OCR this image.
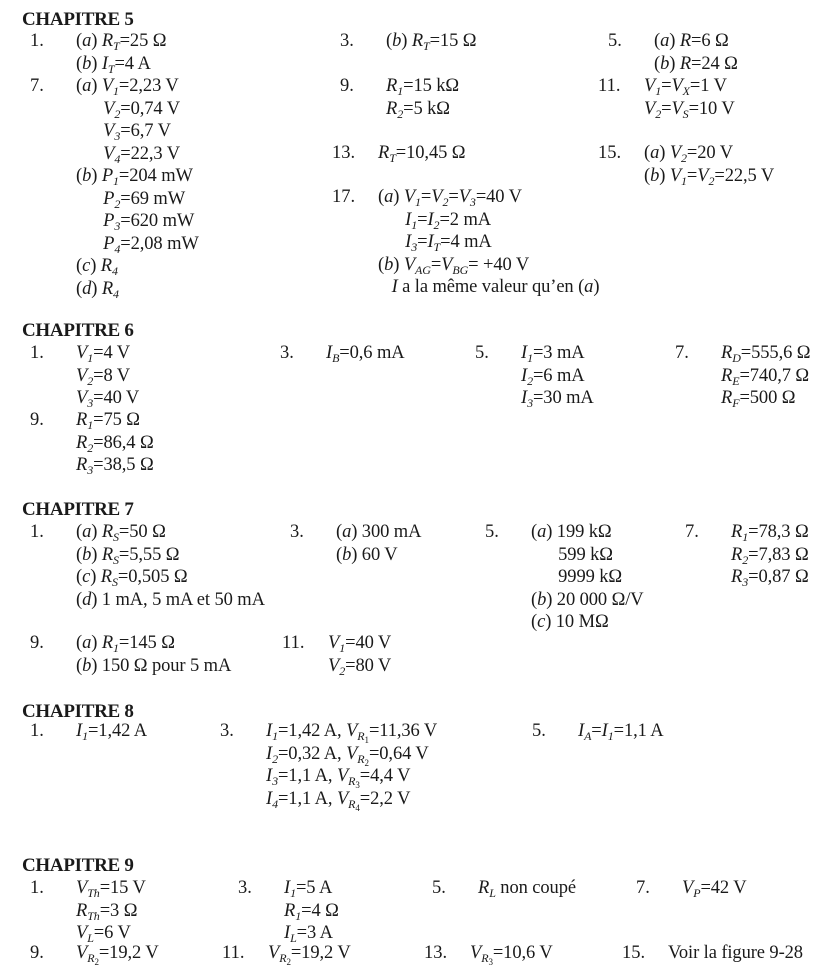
CHAPITRE 5
1. (a) $R_T=25$ Ω
(b) $I_T=4$ A
3. (b) $R_T=15$ Ω	5. (a) R=6 Ω
(b) R=24 Ω
7. (a) $V_1=2,23$ V
$V_2=0,74$ V
$V_3=6,7$ V
$V_4=22,3$ V
(b) $P_1=204$ mW
$P_2=69$ mW
$P_3=620$ mW
$P_4=2,08$ mW
(c) $R_4$
(d) $R_4$
9. $R_1=15$ kΩ
$R_2=5$ kΩ
11. $V_1=V_X=1$ V
$V_2=V_S=10$ V
13. $R_T=10,45$ Ω	15. (a) $V_2=20$ V
(b) $V_1=V_2=22,5$ V
17. (a) $V_1=V_2=V_3=40$ V
$I_1=I_2=2$ mA
$I_3=I_T=4$ mA
(b) $V_{AG}=V_{BG}= +40$ V
I a la même valeur qu’en (a)
CHAPITRE 6
1. $V_1=4$ V
$V_2=8$ V
$V_3=40$ V
3. $I_B=0,6$ mA	5. $I_1=3$ mA
$I_2=6$ mA
$I_3=30$ mA
7. $R_D=555,6$ Ω
$R_E=740,7$ Ω
$R_F=500$ Ω
9. $R_1=75$ Ω
$R_2=86,4$ Ω
$R_3=38,5$ Ω
CHAPITRE 7
1. (a) $R_S=50$ Ω
(b) $R_S=5,55$ Ω
(c) $R_S=0,505$ Ω
(d) 1 mA, 5 mA et 50 mA
3. (a) 300 mA
(b) 60 V
5. (a) 199 kΩ
599 kΩ
9999 kΩ
(b) 20 000 Ω/V
(c) 10 MΩ
7. $R_1=78,3$ Ω
$R_2=7,83$ Ω
$R_3=0,87$ Ω
9. (a) $R_1=145$ Ω
(b) 150 Ω pour 5 mA
11. $V_1=40$ V
$V_2=80$ V
CHAPITRE 8
1. $I_1=1,42$ A	3. $I_1=1,42$ A, $V_{R_1}=11,36$ V
$I_2=0,32$ A, $V_{R_2}=0,64$ V
$I_3=1,1$ A, $V_{R_3}=4,4$ V
$I_4=1,1$ A, $V_{R_4}=2,2$ V
5. $I_A=I_1=1,1$ A
CHAPITRE 9
1. $V_{Th}=15$ V
$R_{Th}=3$ Ω
$V_L=6$ V
3. $I_1=5$ A
$R_1=4$ Ω
$I_L=3$ A
5. $R_L$ non coupé	7. $V_P=42$ V
9. $V_{R_2}=19,2$ V	11. $V_{R_2}=19,2$ V	13. $V_{R_3}=10,6$ V	15. Voir la figure 9-28
